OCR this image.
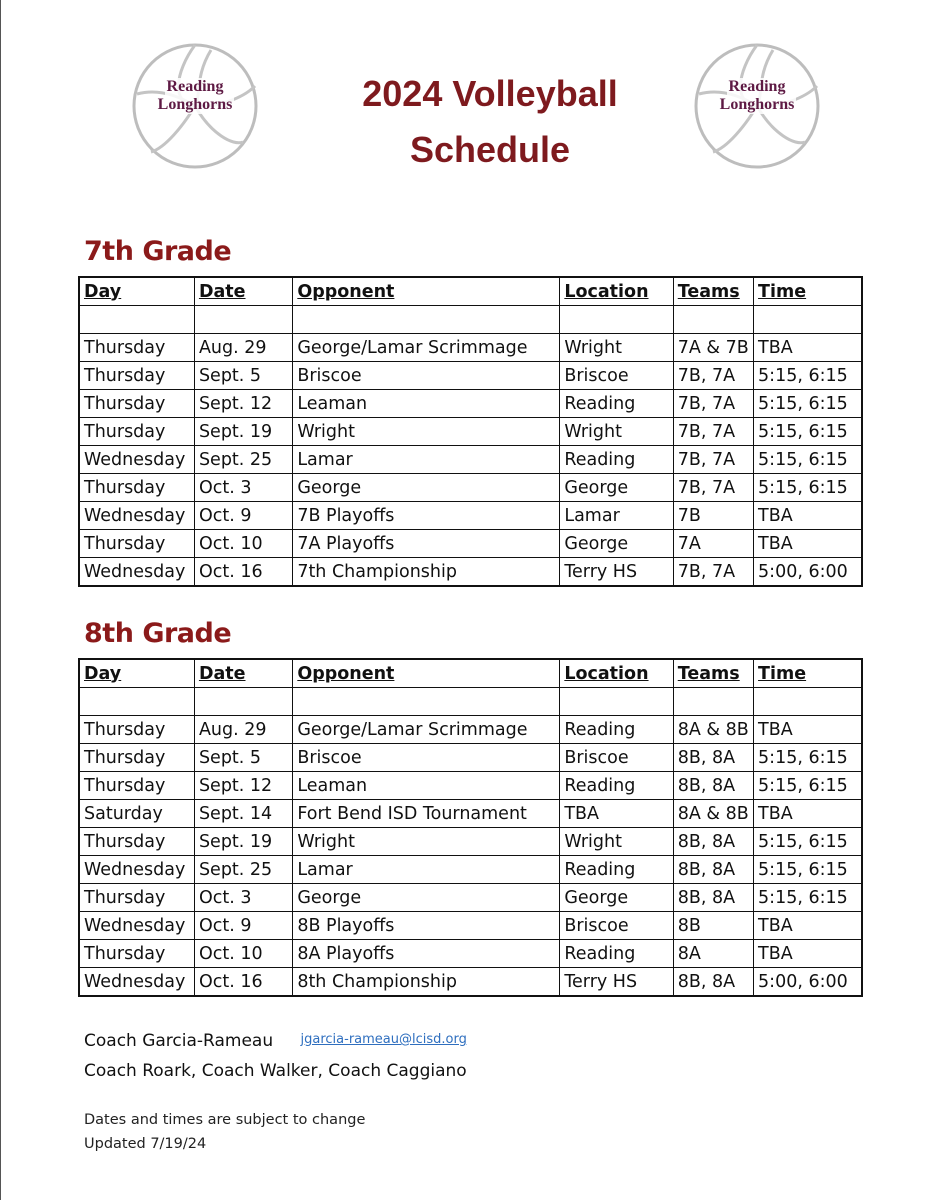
Reading
Longhorns
Reading
Longhorns
2024 Volleyball
Schedule
7th Grade
Day	Date	Opponent	Location	Teams	Time

Thursday	Aug. 29	George/Lamar Scrimmage	Wright	7A & 7B	TBA
Thursday	Sept. 5	Briscoe	Briscoe	7B, 7A	5:15, 6:15
Thursday	Sept. 12	Leaman	Reading	7B, 7A	5:15, 6:15
Thursday	Sept. 19	Wright	Wright	7B, 7A	5:15, 6:15
Wednesday	Sept. 25	Lamar	Reading	7B, 7A	5:15, 6:15
Thursday	Oct. 3	George	George	7B, 7A	5:15, 6:15
Wednesday	Oct. 9	7B Playoffs	Lamar	7B	TBA
Thursday	Oct. 10	7A Playoffs	George	7A	TBA
Wednesday	Oct. 16	7th Championship	Terry HS	7B, 7A	5:00, 6:00
8th Grade
Day	Date	Opponent	Location	Teams	Time

Thursday	Aug. 29	George/Lamar Scrimmage	Reading	8A & 8B	TBA
Thursday	Sept. 5	Briscoe	Briscoe	8B, 8A	5:15, 6:15
Thursday	Sept. 12	Leaman	Reading	8B, 8A	5:15, 6:15
Saturday	Sept. 14	Fort Bend ISD Tournament	TBA	8A & 8B	TBA
Thursday	Sept. 19	Wright	Wright	8B, 8A	5:15, 6:15
Wednesday	Sept. 25	Lamar	Reading	8B, 8A	5:15, 6:15
Thursday	Oct. 3	George	George	8B, 8A	5:15, 6:15
Wednesday	Oct. 9	8B Playoffs	Briscoe	8B	TBA
Thursday	Oct. 10	8A Playoffs	Reading	8A	TBA
Wednesday	Oct. 16	8th Championship	Terry HS	8B, 8A	5:00, 6:00
Coach Garcia-Rameau jgarcia-rameau@lcisd.org
Coach Roark, Coach Walker, Coach Caggiano
Dates and times are subject to change
Updated 7/19/24
